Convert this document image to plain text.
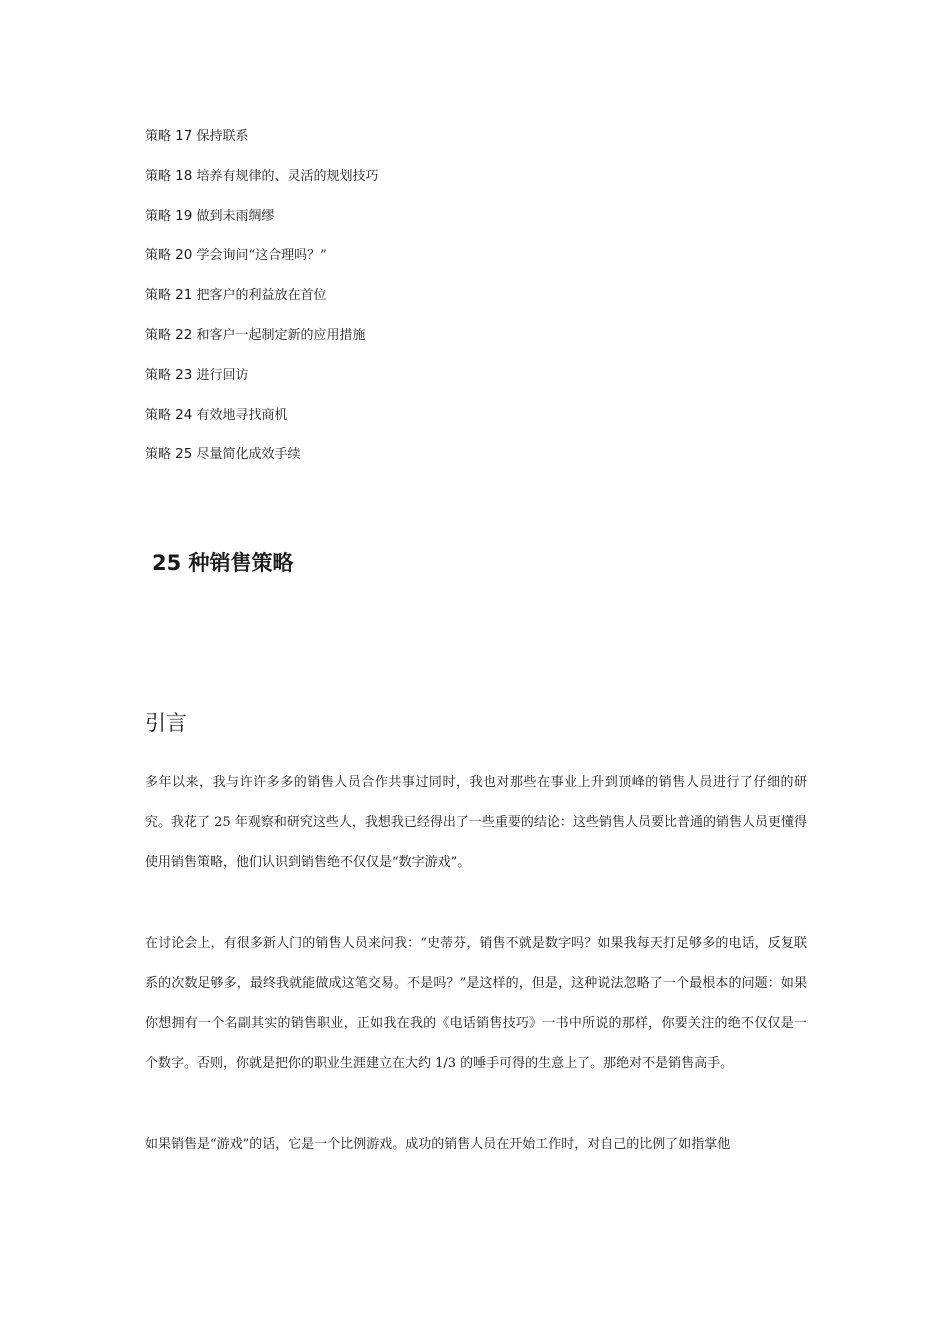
策略 17 保持联系
策略 18 培养有规律的、灵活的规划技巧
策略 19 做到未雨绸缪
策略 20 学会询问“这合理吗？”
策略 21 把客户的利益放在首位
策略 22 和客户一起制定新的应用措施
策略 23 进行回访
策略 24 有效地寻找商机
策略 25 尽量简化成效手续
25 种销售策略
引言

多年以来，我与许许多多的销售人员合作共事过同时，我也对那些在事业上升到顶峰的销售人员进行了仔细的研究。我花了 25 年观察和研究这些人，我想我已经得出了一些重要的结论：这些销售人员要比普通的销售人员更懂得使用销售策略，他们认识到销售绝不仅仅是“数字游戏”。

在讨论会上，有很多新人门的销售人员来问我：“史蒂芬，销售不就是数字吗？如果我每天打足够多的电话，反复联系的次数足够多，最终我就能做成这笔交易。不是吗？”是这样的，但是，这种说法忽略了一个最根本的问题：如果你想拥有一个名副其实的销售职业，正如我在我的《电话销售技巧》一书中所说的那样，你要关注的绝不仅仅是一个数字。否则，你就是把你的职业生涯建立在大约 1/3 的唾手可得的生意上了。那绝对不是销售高手。

如果销售是“游戏”的话，它是一个比例游戏。成功的销售人员在开始工作时，对自己的比例了如指掌他
